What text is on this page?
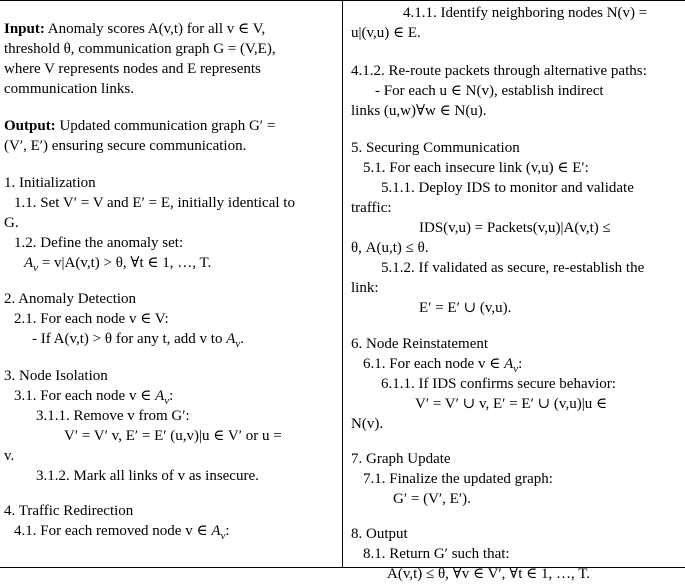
Input: Anomaly scores A(v,t) for all v ∈ V,
threshold θ, communication graph G = (V,E),
where V represents nodes and E represents
communication links.
Output: Updated communication graph G′ =
(V′, E′) ensuring secure communication.
1. Initialization
1.1. Set V′ = V and E′ = E, initially identical to
G.
1.2. Define the anomaly set:
$A_v = v|A(v,t) > \theta$, ∀t ∈ 1, …, T.
2. Anomaly Detection
2.1. For each node v ∈ V:
- If A(v,t) > θ for any t, add v to $A_v$.
3. Node Isolation
3.1. For each node v ∈ $A_v$:
3.1.1. Remove v from G′:
V′ = V′ v, E′ = E′ (u,v)|u ∈ V′ or u =
v.
3.1.2. Mark all links of v as insecure.
4. Traffic Redirection
4.1. For each removed node v ∈ $A_v$:
4.1.1. Identify neighboring nodes N(v) =
u|(v,u) ∈ E.
4.1.2. Re-route packets through alternative paths:
- For each u ∈ N(v), establish indirect
links (u,w)∀w ∈ N(u).
5. Securing Communication
5.1. For each insecure link (v,u) ∈ E′:
5.1.1. Deploy IDS to monitor and validate
traffic:
IDS(v,u) = Packets(v,u)|A(v,t) ≤
θ, A(u,t) ≤ θ.
5.1.2. If validated as secure, re-establish the
link:
E′ = E′ ∪ (v,u).
6. Node Reinstatement
6.1. For each node v ∈ $A_v$:
6.1.1. If IDS confirms secure behavior:
V′ = V′ ∪ v, E′ = E′ ∪ (v,u)|u ∈
N(v).
7. Graph Update
7.1. Finalize the updated graph:
G′ = (V′, E′).
8. Output
8.1. Return G′ such that:
A(v,t) ≤ θ, ∀v ∈ V′, ∀t ∈ 1, …, T.
